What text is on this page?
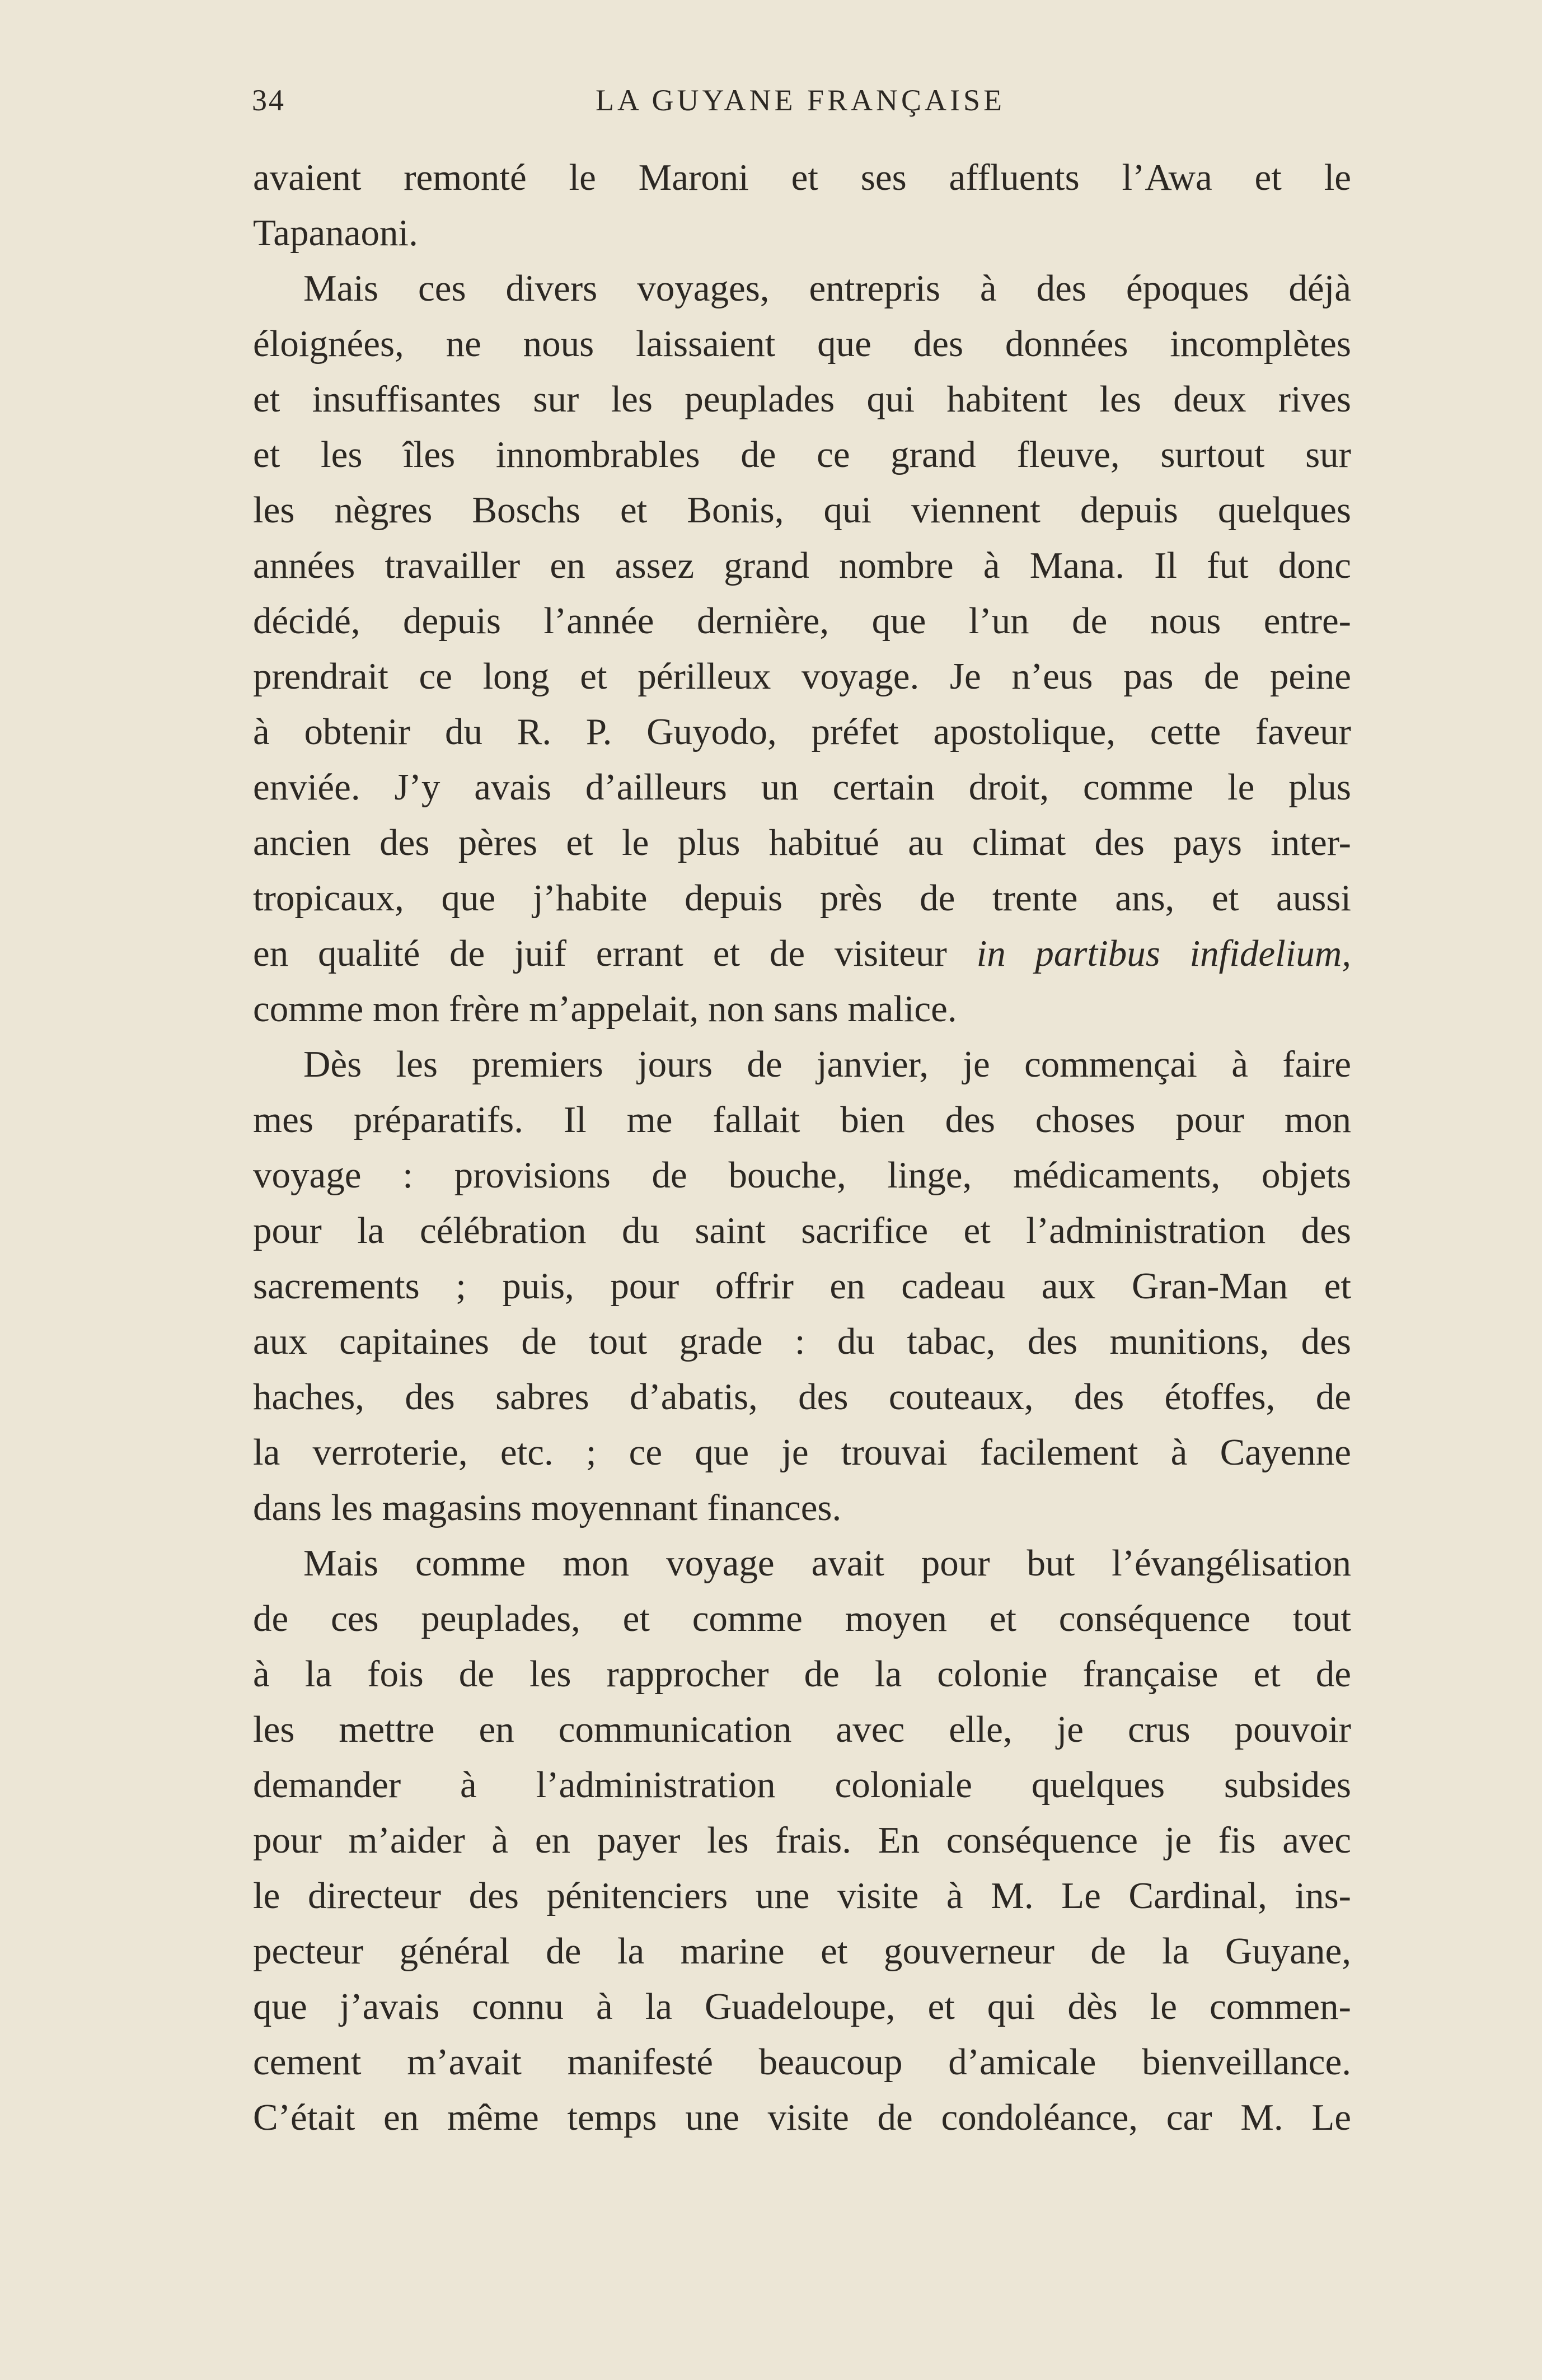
34	LA GUYANE FRANÇAISE
avaient remonté le Maroni et ses affluents l’Awa et le
Tapanaoni.
Mais ces divers voyages, entrepris à des époques déjà
éloignées, ne nous laissaient que des données incomplètes
et insuffisantes sur les peuplades qui habitent les deux rives
et les îles innombrables de ce grand fleuve, surtout sur
les nègres Boschs et Bonis, qui viennent depuis quelques
années travailler en assez grand nombre à Mana. Il fut donc
décidé, depuis l’année dernière, que l’un de nous entre-
prendrait ce long et périlleux voyage. Je n’eus pas de peine
à obtenir du R. P. Guyodo, préfet apostolique, cette faveur
enviée. J’y avais d’ailleurs un certain droit, comme le plus
ancien des pères et le plus habitué au climat des pays inter-
tropicaux, que j’habite depuis près de trente ans, et aussi
en qualité de juif errant et de visiteur in partibus infidelium,
comme mon frère m’appelait, non sans malice.
Dès les premiers jours de janvier, je commençai à faire
mes préparatifs. Il me fallait bien des choses pour mon
voyage : provisions de bouche, linge, médicaments, objets
pour la célébration du saint sacrifice et l’administration des
sacrements ; puis, pour offrir en cadeau aux Gran-Man et
aux capitaines de tout grade : du tabac, des munitions, des
haches, des sabres d’abatis, des couteaux, des étoffes, de
la verroterie, etc. ; ce que je trouvai facilement à Cayenne
dans les magasins moyennant finances.
Mais comme mon voyage avait pour but l’évangélisation
de ces peuplades, et comme moyen et conséquence tout
à la fois de les rapprocher de la colonie française et de
les mettre en communication avec elle, je crus pouvoir
demander à l’administration coloniale quelques subsides
pour m’aider à en payer les frais. En conséquence je fis avec
le directeur des pénitenciers une visite à M. Le Cardinal, ins-
pecteur général de la marine et gouverneur de la Guyane,
que j’avais connu à la Guadeloupe, et qui dès le commen-
cement m’avait manifesté beaucoup d’amicale bienveillance.
C’était en même temps une visite de condoléance, car M. Le
